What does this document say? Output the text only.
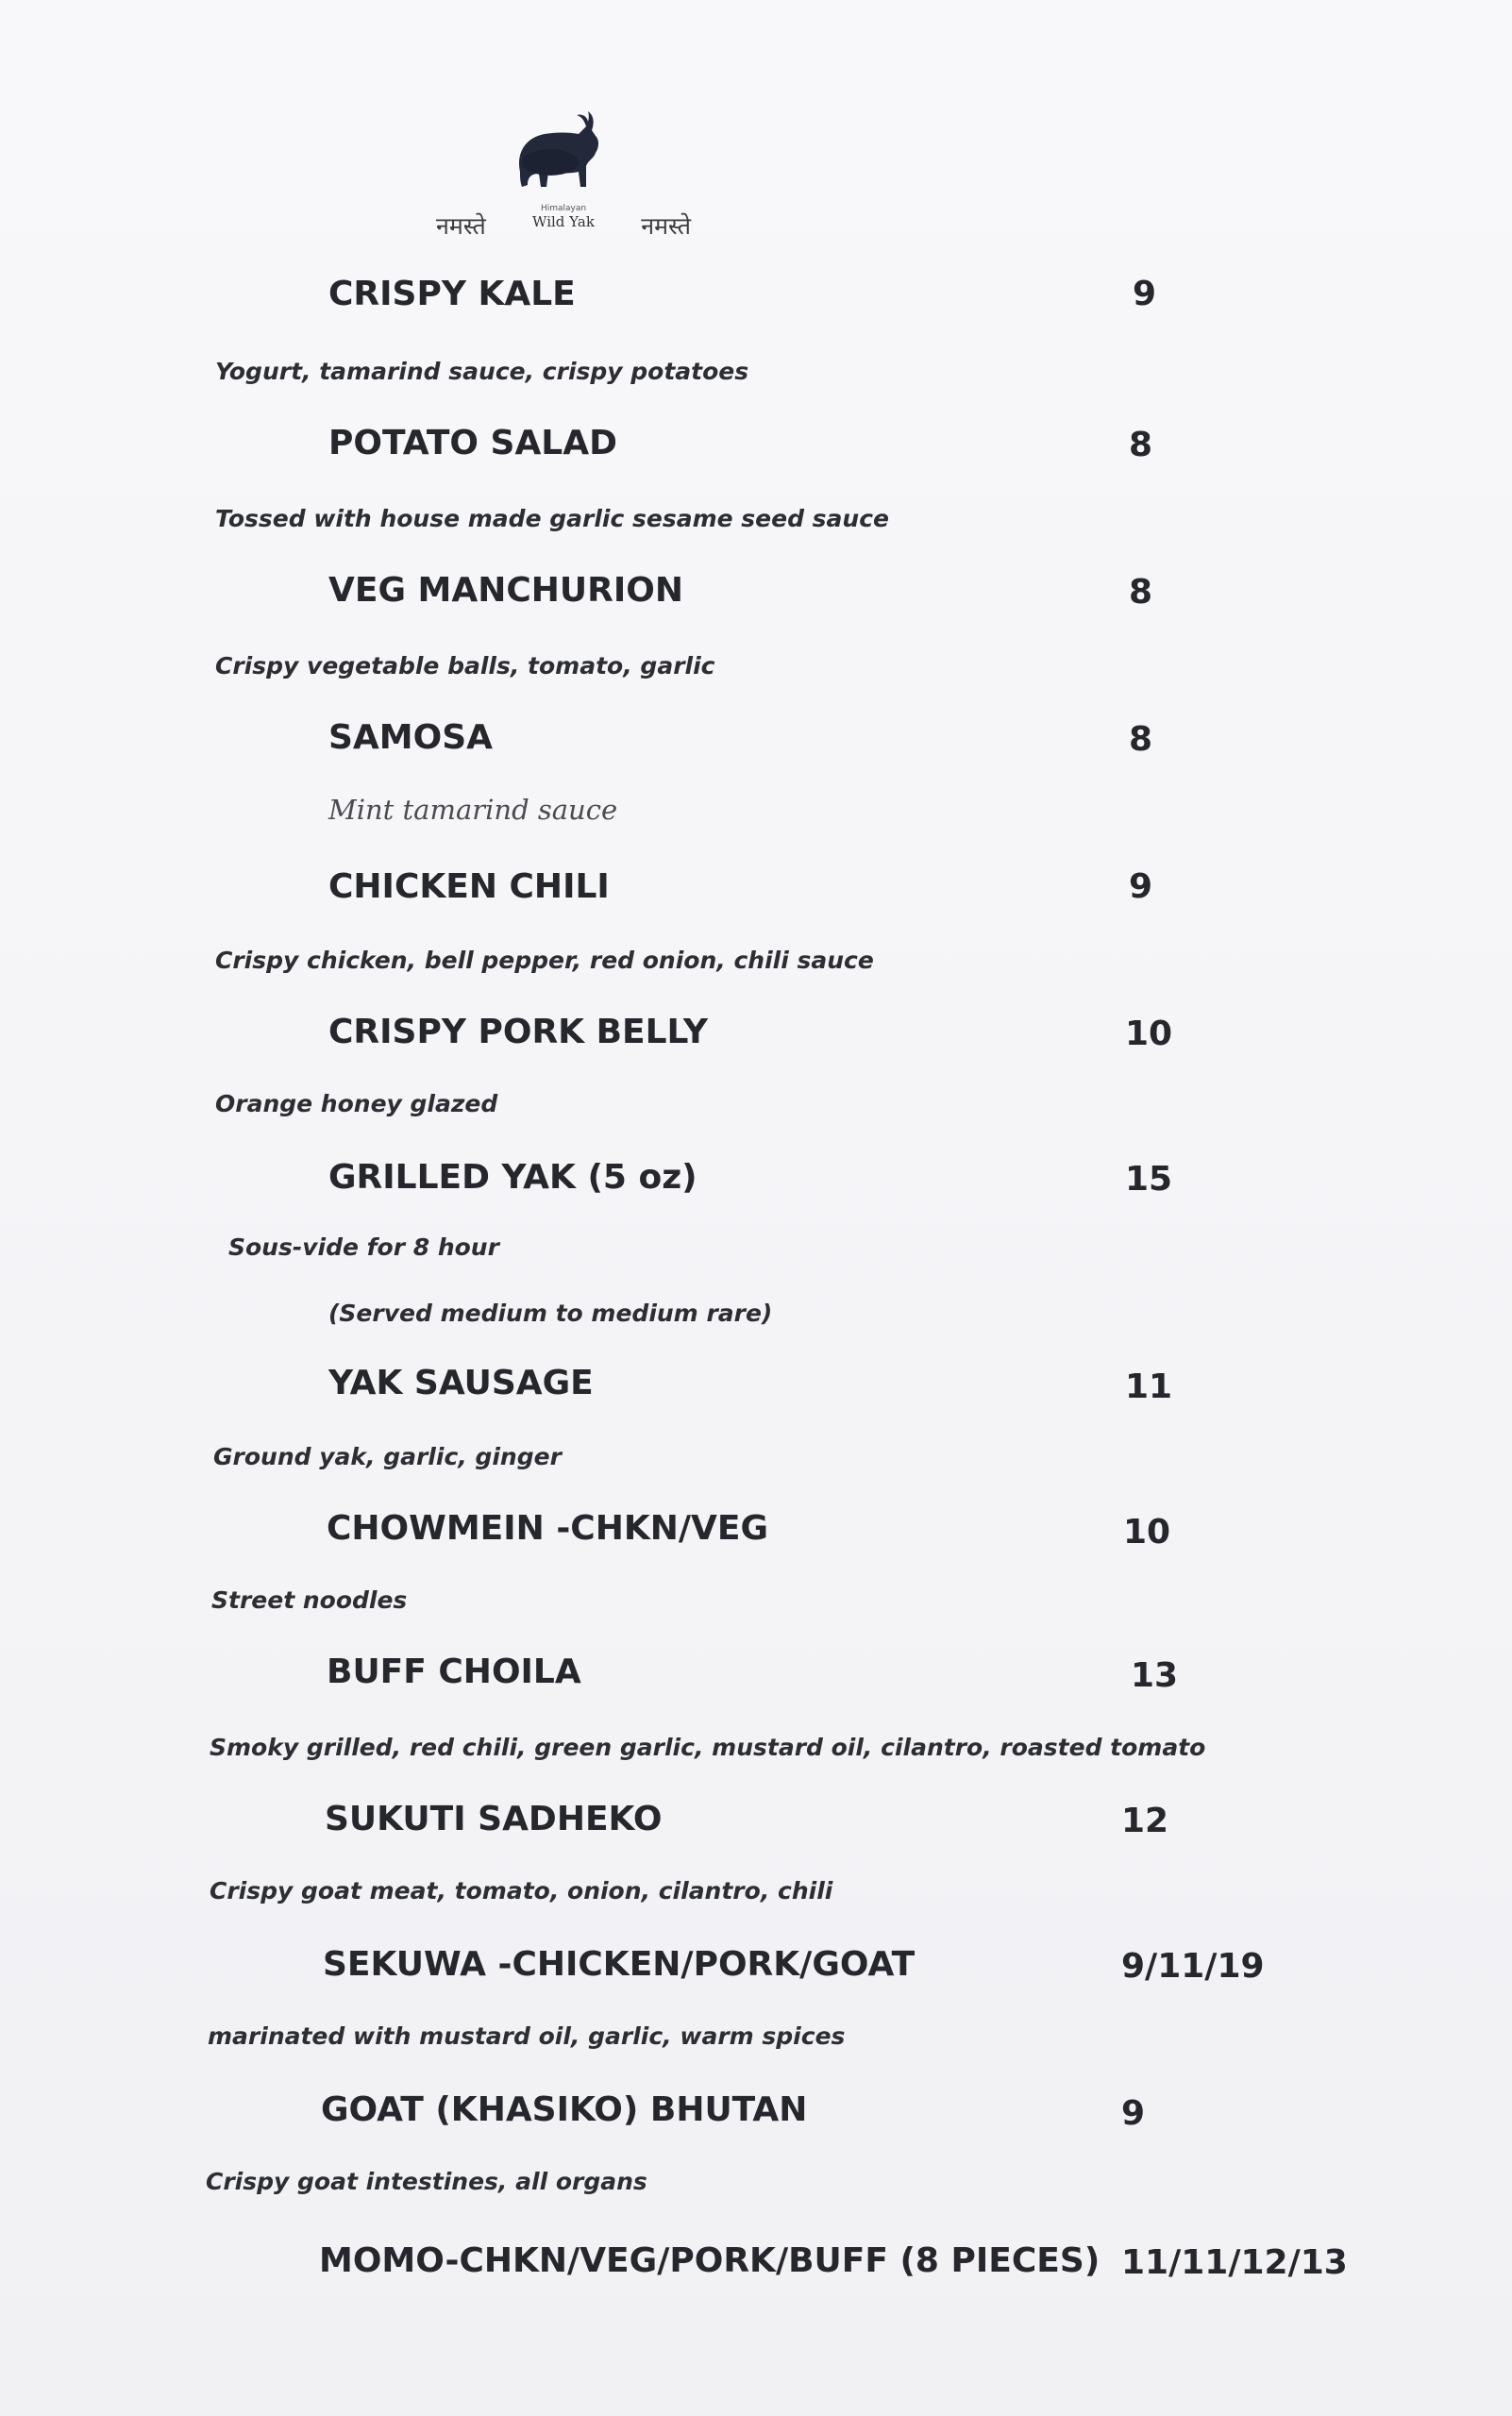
नमस्ते
Himalayan
Wild Yak नमस्ते
CRISPY KALE	9
Yogurt, tamarind sauce, crispy potatoes
POTATO SALAD	8
Tossed with house made garlic sesame seed sauce
VEG MANCHURION	8
Crispy vegetable balls, tomato, garlic
SAMOSA	8
Mint tamarind sauce
CHICKEN CHILI	9
Crispy chicken, bell pepper, red onion, chili sauce
CRISPY PORK BELLY	10
Orange honey glazed
GRILLED YAK (5 oz)	15
Sous-vide for 8 hour
(Served medium to medium rare)
YAK SAUSAGE	11
Ground yak, garlic, ginger
CHOWMEIN -CHKN/VEG	10
Street noodles
BUFF CHOILA	13
Smoky grilled, red chili, green garlic, mustard oil, cilantro, roasted tomato
SUKUTI SADHEKO	12
Crispy goat meat, tomato, onion, cilantro, chili
SEKUWA -CHICKEN/PORK/GOAT	9/11/19
marinated with mustard oil, garlic, warm spices
GOAT (KHASIKO) BHUTAN	9
Crispy goat intestines, all organs
MOMO-CHKN/VEG/PORK/BUFF (8 PIECES) 11/11/12/13
